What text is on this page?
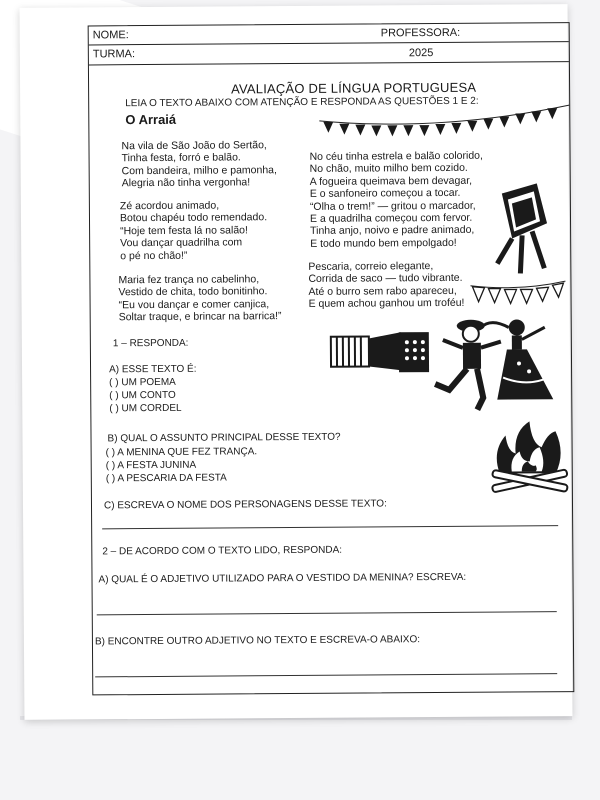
NOME:	PROFESSORA:
TURMA:	2025
AVALIAÇÃO DE LÍNGUA PORTUGUESA
LEIA O TEXTO ABAIXO COM ATENÇÃO E RESPONDA AS QUESTÕES 1 E 2:
O Arraiá
Na vila de São João do Sertão,
Tinha festa, forró e balão.
Com bandeira, milho e pamonha,
Alegria não tinha vergonha!
Zé acordou animado,
Botou chapéu todo remendado.
“Hoje tem festa lá no salão!
Vou dançar quadrilha com
o pé no chão!”
Maria fez trança no cabelinho,
Vestido de chita, todo bonitinho.
“Eu vou dançar e comer canjica,
Soltar traque, e brincar na barrica!”
No céu tinha estrela e balão colorido,
No chão, muito milho bem cozido.
A fogueira queimava bem devagar,
E o sanfoneiro começou a tocar.
“Olha o trem!” — gritou o marcador,
E a quadrilha começou com fervor.
Tinha anjo, noivo e padre animado,
E todo mundo bem empolgado!
Pescaria, correio elegante,
Corrida de saco — tudo vibrante.
Até o burro sem rabo apareceu,
E quem achou ganhou um troféu!
1 – RESPONDA:
A) ESSE TEXTO É:
( ) UM POEMA
( ) UM CONTO
( ) UM CORDEL
B) QUAL O ASSUNTO PRINCIPAL DESSE TEXTO?
( ) A MENINA QUE FEZ TRANÇA.
( ) A FESTA JUNINA
( ) A PESCARIA DA FESTA
C) ESCREVA O NOME DOS PERSONAGENS DESSE TEXTO:
2 – DE ACORDO COM O TEXTO LIDO, RESPONDA:
A) QUAL É O ADJETIVO UTILIZADO PARA O VESTIDO DA MENINA? ESCREVA:
B) ENCONTRE OUTRO ADJETIVO NO TEXTO E ESCREVA-O ABAIXO:
